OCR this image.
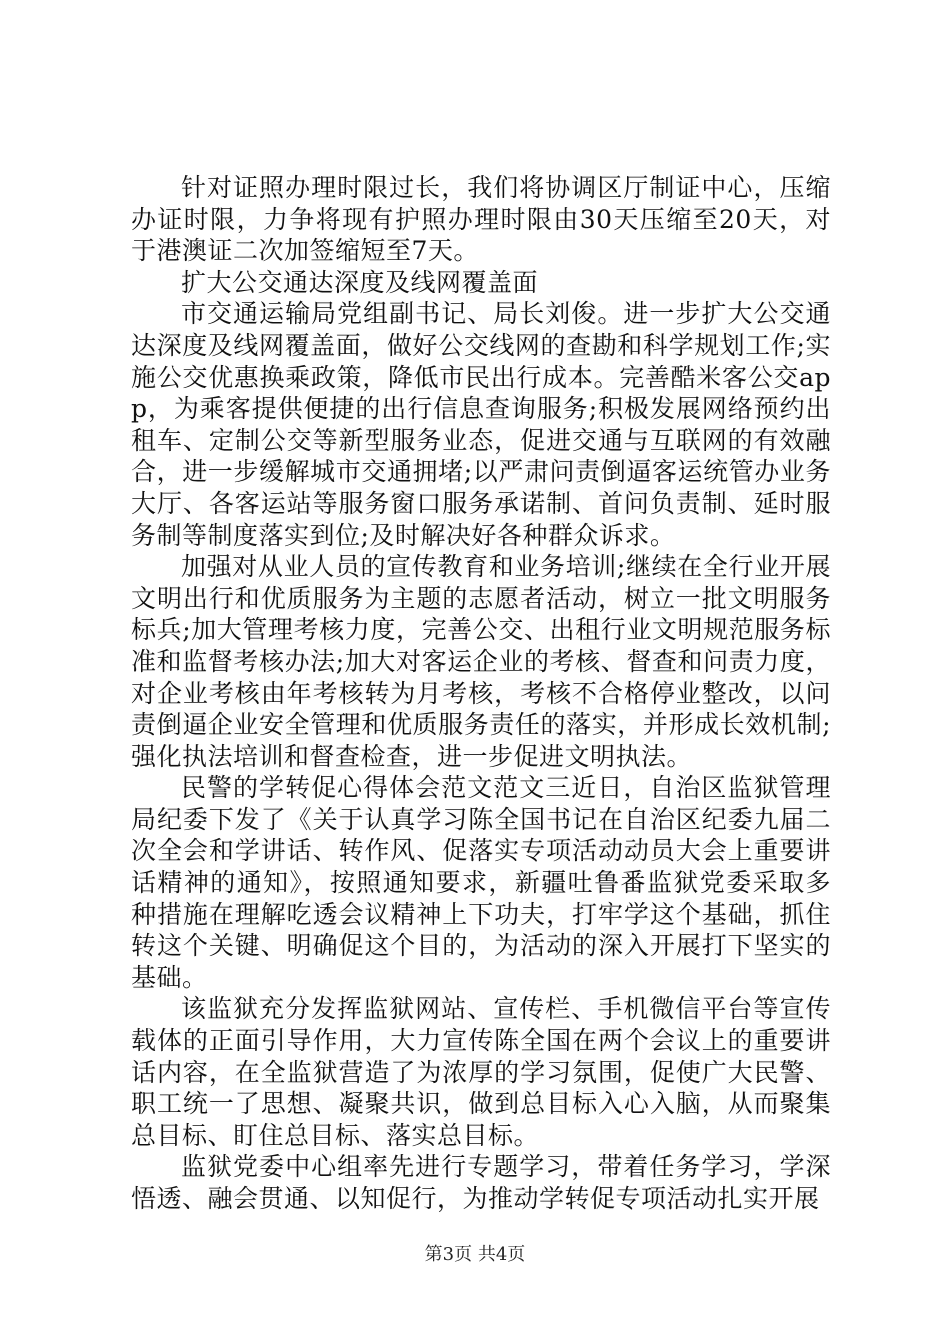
针对证照办理时限过长，我们将协调区厅制证中心，压缩办证时限，力争将现有护照办理时限由30天压缩至20天，对于港澳证二次加签缩短至7天。

扩大公交通达深度及线网覆盖面

市交通运输局党组副书记、局长刘俊。进一步扩大公交通达深度及线网覆盖面，做好公交线网的查勘和科学规划工作;实施公交优惠换乘政策，降低市民出行成本。完善酷米客公交app，为乘客提供便捷的出行信息查询服务;积极发展网络预约出租车、定制公交等新型服务业态，促进交通与互联网的有效融合，进一步缓解城市交通拥堵;以严肃问责倒逼客运统管办业务大厅、各客运站等服务窗口服务承诺制、首问负责制、延时服务制等制度落实到位;及时解决好各种群众诉求。

加强对从业人员的宣传教育和业务培训;继续在全行业开展文明出行和优质服务为主题的志愿者活动，树立一批文明服务标兵;加大管理考核力度，完善公交、出租行业文明规范服务标准和监督考核办法;加大对客运企业的考核、督查和问责力度，对企业考核由年考核转为月考核，考核不合格停业整改，以问责倒逼企业安全管理和优质服务责任的落实，并形成长效机制;强化执法培训和督查检查，进一步促进文明执法。

民警的学转促心得体会范文范文三近日，自治区监狱管理局纪委下发了《关于认真学习陈全国书记在自治区纪委九届二次全会和学讲话、转作风、促落实专项活动动员大会上重要讲话精神的通知》，按照通知要求，新疆吐鲁番监狱党委采取多种措施在理解吃透会议精神上下功夫，打牢学这个基础，抓住转这个关键、明确促这个目的，为活动的深入开展打下坚实的基础。

该监狱充分发挥监狱网站、宣传栏、手机微信平台等宣传载体的正面引导作用，大力宣传陈全国在两个会议上的重要讲话内容，在全监狱营造了为浓厚的学习氛围，促使广大民警、职工统一了思想、凝聚共识，做到总目标入心入脑，从而聚集总目标、盯住总目标、落实总目标。

监狱党委中心组率先进行专题学习，带着任务学习，学深悟透、融会贯通、以知促行，为推动学转促专项活动扎实开展

第3页 共4页
